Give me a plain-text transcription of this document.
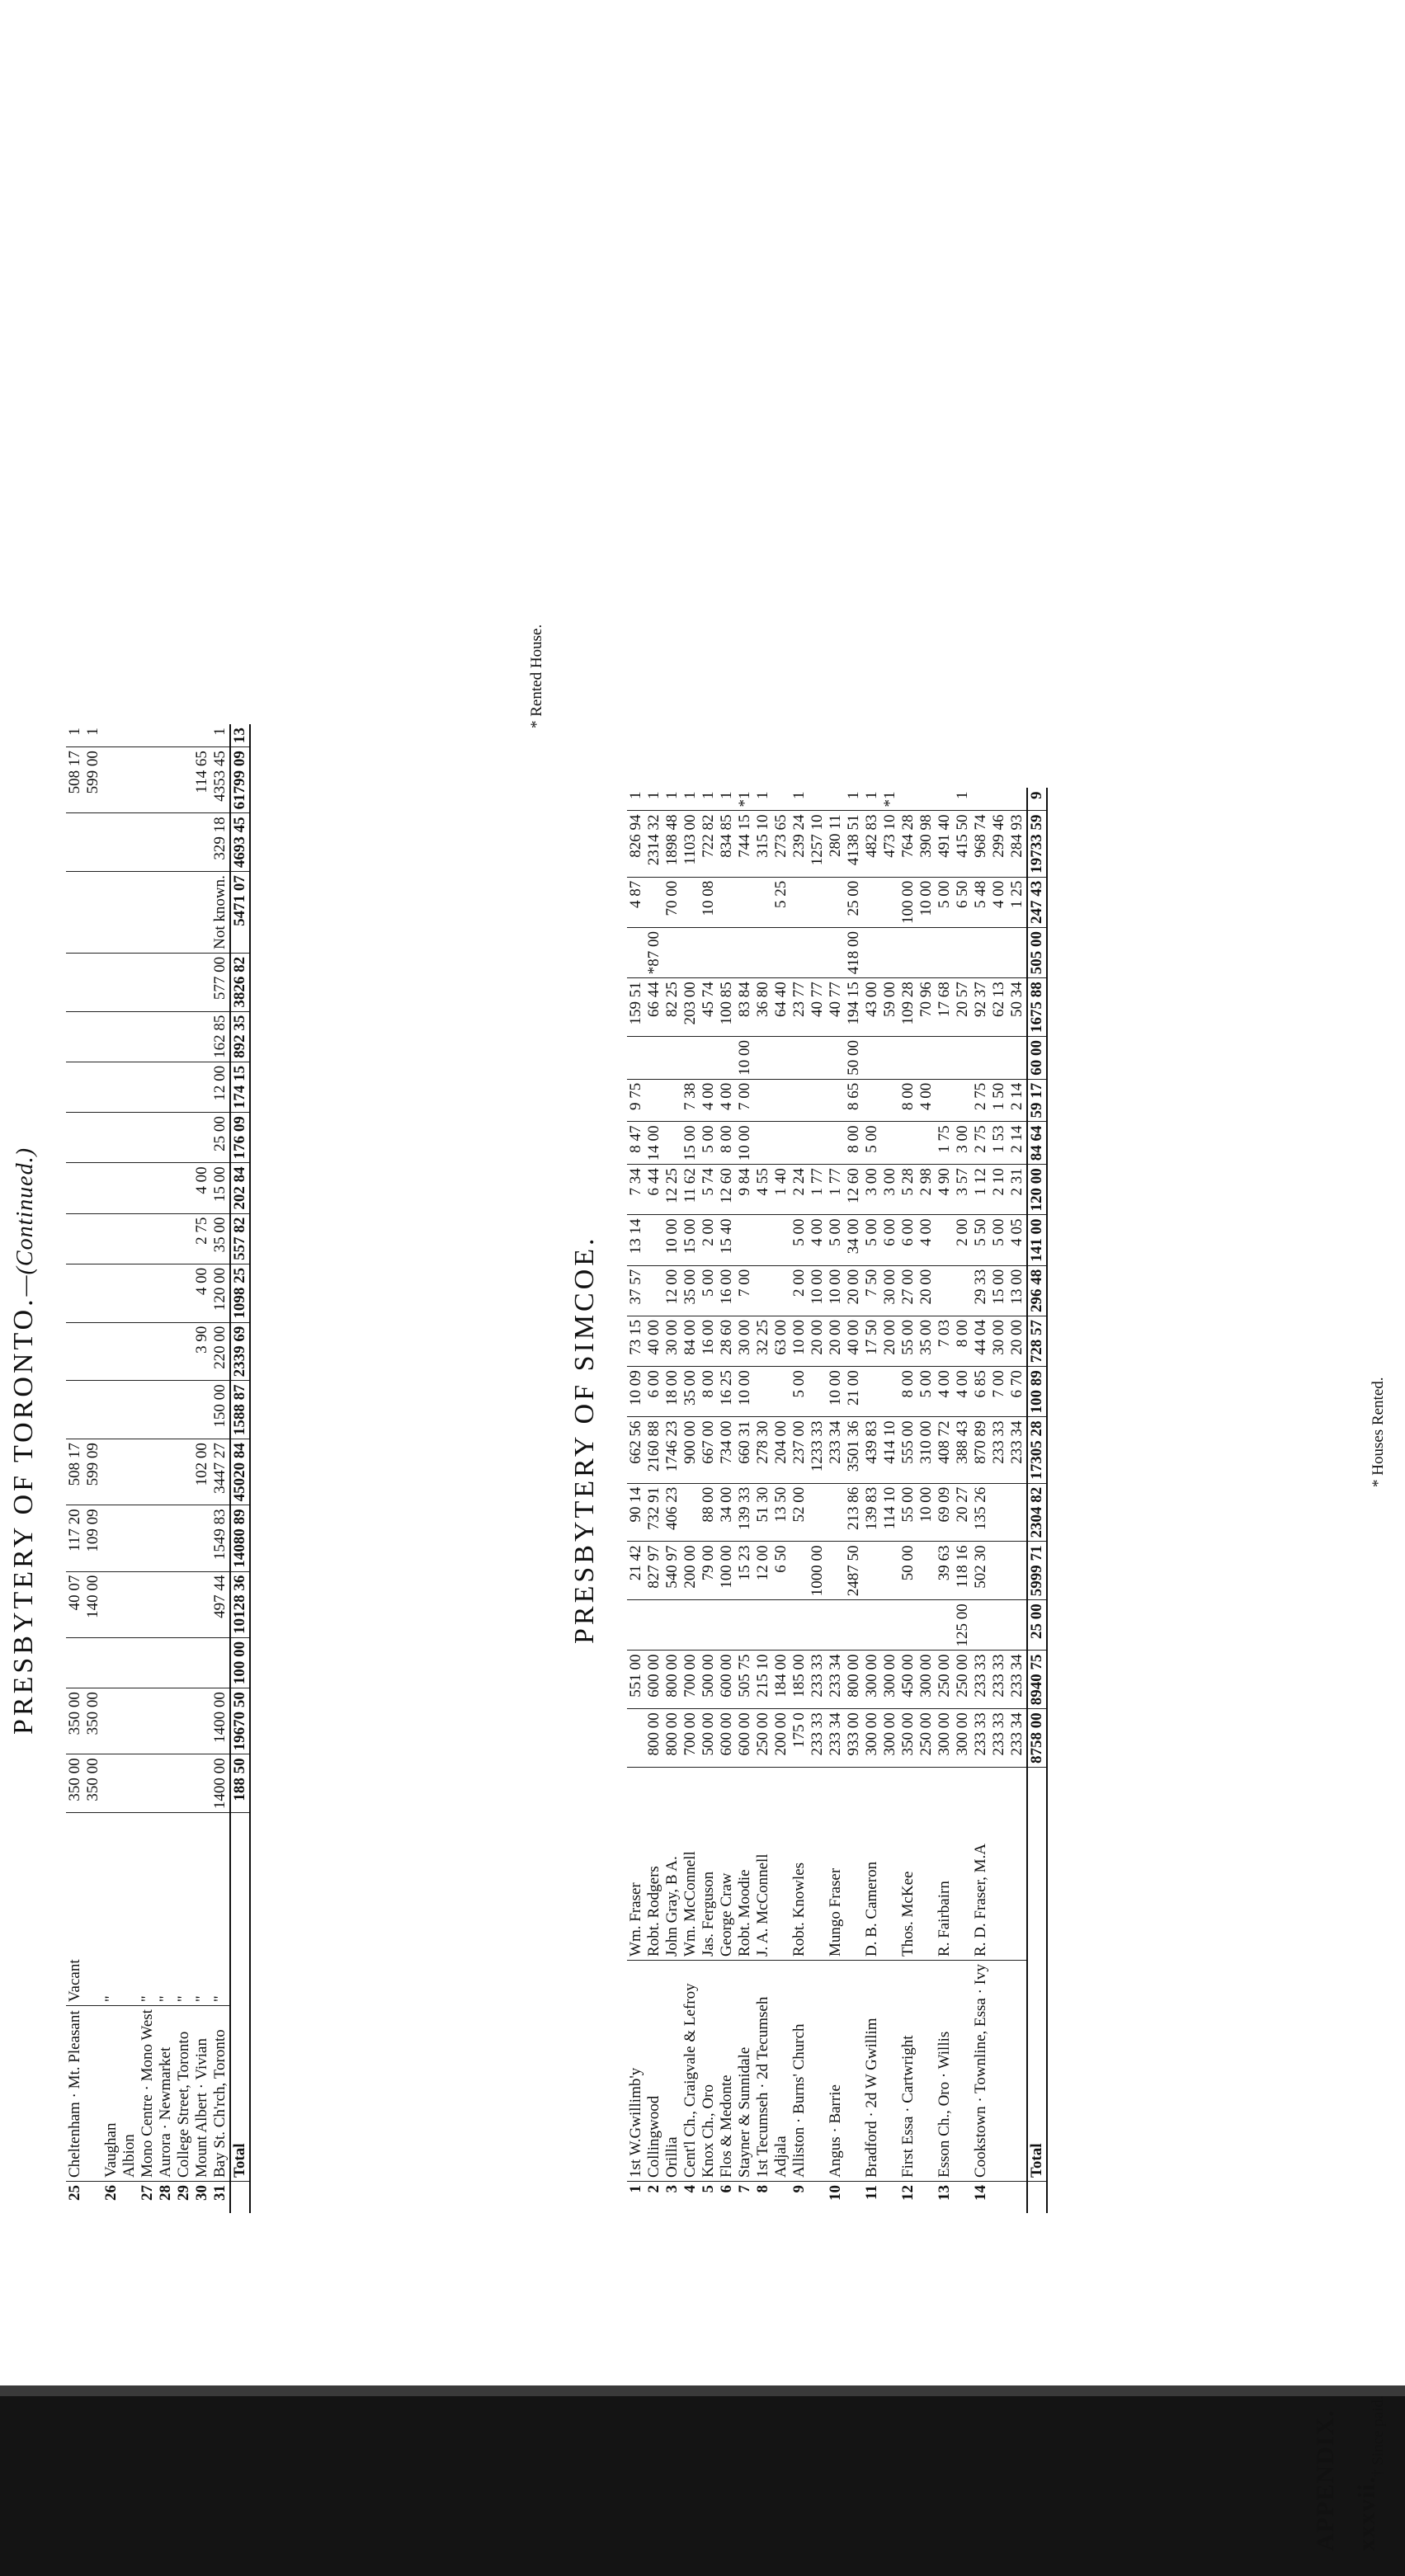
APPENDIX. xxxvii.
PRESBYTERY OF TORONTO.—(Continued.)
25	Cheltenham · Mt. Pleasant	Vacant	350 00	350 00		40 07	117 20	508 17												508 17	1
			350 00	350 00		140 00	109 09	599 09												599 00	1
26	Vaughan	"																			
	Albion																				
27	Mono Centre · Mono West	"																			
28	Aurora · Newmarket	"																			
29	College Street, Toronto	"																			
30	Mount Albert · Vivian	"						102 00		3 90	4 00	2 75	4 00							114 65	
31	Bay St. Ch'rch, Toronto	"	1400 00	1400 00		497 44	1549 83	3447 27	150 00	220 00	120 00	35 00	15 00	25 00	12 00	162 85	577 00	Not known.	329 18	4353 45	1
	Total		188 50	19670 50	100 00	10128 36	14080 89	45020 84	1588 87	2339 69	1098 25	557 82	202 84	176 09	174 15	892 35	3826 82	5471 07	4693 45	61799 09	13
* Rented House.
PRESBYTERY OF SIMCOE.
1	1st W.Gwillimb'y	Wm. Fraser		551 00		21 42	90 14	662 56	10 09	73 15	37 57	13 14	7 34	8 47	9 75		159 51		4 87	826 94	1
2	Collingwood	Robt. Rodgers	800 00	600 00		827 97	732 91	2160 88	6 00	40 00			6 44	14 00			66 44	*87 00		2314 32	1
3	Orillia	John Gray, B A.	800 00	800 00		540 97	406 23	1746 23	18 00	30 00	12 00	10 00	12 25				82 25		70 00	1898 48	1
4	Cent'l Ch., Craigvale & Lefroy	Wm. McConnell	700 00	700 00		200 00		900 00	35 00	84 00	35 00	15 00	11 62	15 00	7 38		203 00			1103 00	1
5	Knox Ch., Oro	Jas. Ferguson	500 00	500 00		79 00	88 00	667 00	8 00	16 00	5 00	2 00	5 74	5 00	4 00		45 74		10 08	722 82	1
6	Flos & Medonte	George Craw	600 00	600 00		100 00	34 00	734 00	16 25	28 60	16 00	15 40	12 60	8 00	4 00		100 85			834 85	1
7	Stayner & Sunnidale	Robt. Moodie	600 00	505 75		15 23	139 33	660 31	10 00	30 00	7 00		9 84	10 00	7 00	10 00	83 84			744 15	*1
8	1st Tecumseh · 2d Tecumseh	J. A. McConnell	250 00	215 10		12 00	51 30	278 30		32 25			4 55				36 80			315 10	1
	Adjala		200 00	184 00		6 50	13 50	204 00		63 00			1 40				64 40		5 25	273 65	
9	Alliston · Burns' Church	Robt. Knowles	175 0	185 00			52 00	237 00	5 00	10 00	2 00	5 00	2 24				23 77			239 24	1
			233 33	233 33		1000 00		1233 33		20 00	10 00	4 00	1 77				40 77			1257 10	
10	Angus · Barrie	Mungo Fraser	233 34	233 34				233 34	10 00	20 00	10 00	5 00	1 77				40 77			280 11	
			933 00	800 00		2487 50	213 86	3501 36	21 00	40 00	20 00	34 00	12 60	8 00	8 65	50 00	194 15	418 00	25 00	4138 51	1
11	Bradford · 2d W Gwillim	D. B. Cameron	300 00	300 00			139 83	439 83		17 50	7 50	5 00	3 00	5 00			43 00			482 83	1
			300 00	300 00			114 10	414 10		20 00	30 00	6 00	3 00				59 00			473 10	*1
12	First Essa · Cartwright	Thos. McKee	350 00	450 00		50 00	55 00	555 00	8 00	55 00	27 00	6 00	5 28		8 00		109 28		100 00	764 28	
			250 00	300 00			10 00	310 00	5 00	35 00	20 00	4 00	2 98		4 00		70 96		10 00	390 98	
13	Esson Ch., Oro · Willis	R. Fairbairn	300 00	250 00		39 63	69 09	408 72	4 00	7 03			4 90	1 75			17 68		5 00	491 40	
			300 00	250 00	125 00	118 16	20 27	388 43	4 00	8 00		2 00	3 57	3 00			20 57		6 50	415 50	1
14	Cookstown · Townline, Essa · Ivy	R. D. Fraser, M.A	233 33	233 33		502 30	135 26	870 89	6 85	44 04	29 33	5 50	1 12	2 75	2 75		92 37		5 48	968 74	
			233 33	233 33				233 33	7 00	30 00	15 00	5 00	2 10	1 53	1 50		62 13		4 00	299 46	
			233 34	233 34				233 34	6 70	20 00	13 00	4 05	2 31	2 14	2 14		50 34		1 25	284 93	
	Total		8758 00	8940 75	25 00	5999 71	2304 82	17305 28	100 89	728 57	296 48	141 00	120 00	84 64	59 17	60 00	1675 88	505 00	247 43	19733 59	9
* Houses Rented.
† Since paid.
